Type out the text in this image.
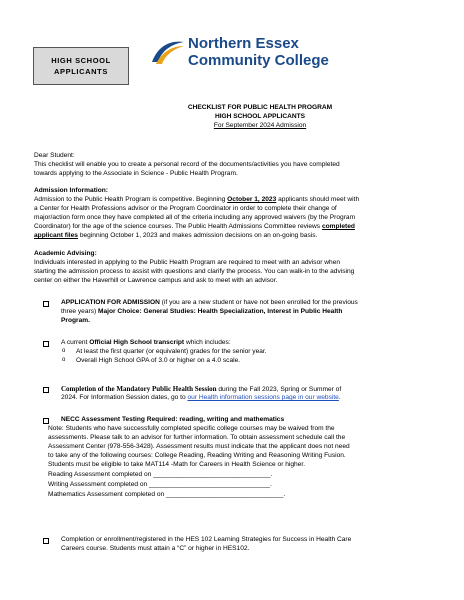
HIGH SCHOOL
APPLICANTS
Northern Essex
Community College
CHECKLIST FOR PUBLIC HEALTH PROGRAM
HIGH SCHOOL APPLICANTS
For September 2024 Admission
Dear Student:
This checklist will enable you to create a personal record of the documents/activities you have completed
towards applying to the Associate in Science - Public Health Program.
Admission Information:
Admission to the Public Health Program is competitive. Beginning October 1, 2023 applicants should meet with
a Center for Health Professions advisor or the Program Coordinator in order to complete their change of
major/action form once they have completed all of the criteria including any approved waivers (by the Program
Coordinator) for the age of the science courses. The Public Health Admissions Committee reviews completed
applicant files beginning October 1, 2023 and makes admission decisions on an on-going basis.
Academic Advising:
Individuals interested in applying to the Public Health Program are required to meet with an advisor when
starting the admission process to assist with questions and clarify the process. You can walk-in to the advising
center on either the Haverhill or Lawrence campus and ask to meet with an advisor.
APPLICATION FOR ADMISSION (if you are a new student or have not been enrolled for the previous
three years) Major Choice: General Studies: Health Specialization, Interest in Public Health
Program.
A current Official High School transcript which includes:
o At least the first quarter (or equivalent) grades for the senior year.
o Overall High School GPA of 3.0 or higher on a 4.0 scale.
Completion of the Mandatory Public Health Session during the Fall 2023, Spring or Summer of
2024. For Information Session dates, go to our Health information sessions page in our website.
NECC Assessment Testing Required: reading, writing and mathematics
Note: Students who have successfully completed specific college courses may be waived from the
assessments. Please talk to an advisor for further information. To obtain assessment schedule call the
Assessment Center (978-556-3428). Assessment results must indicate that the applicant does not need
to take any of the following courses: College Reading, Reading Writing and Reasoning Writing Fusion.
Students must be eligible to take MAT114 -Math for Careers in Health Science or higher.
Reading Assessment completed on ________________________________.
Writing Assessment completed on _________________________________.
Mathematics Assessment completed on ________________________________.
Completion or enrollment/registered in the HES 102 Learning Strategies for Success in Health Care
Careers course. Students must attain a “C” or higher in HES102.
